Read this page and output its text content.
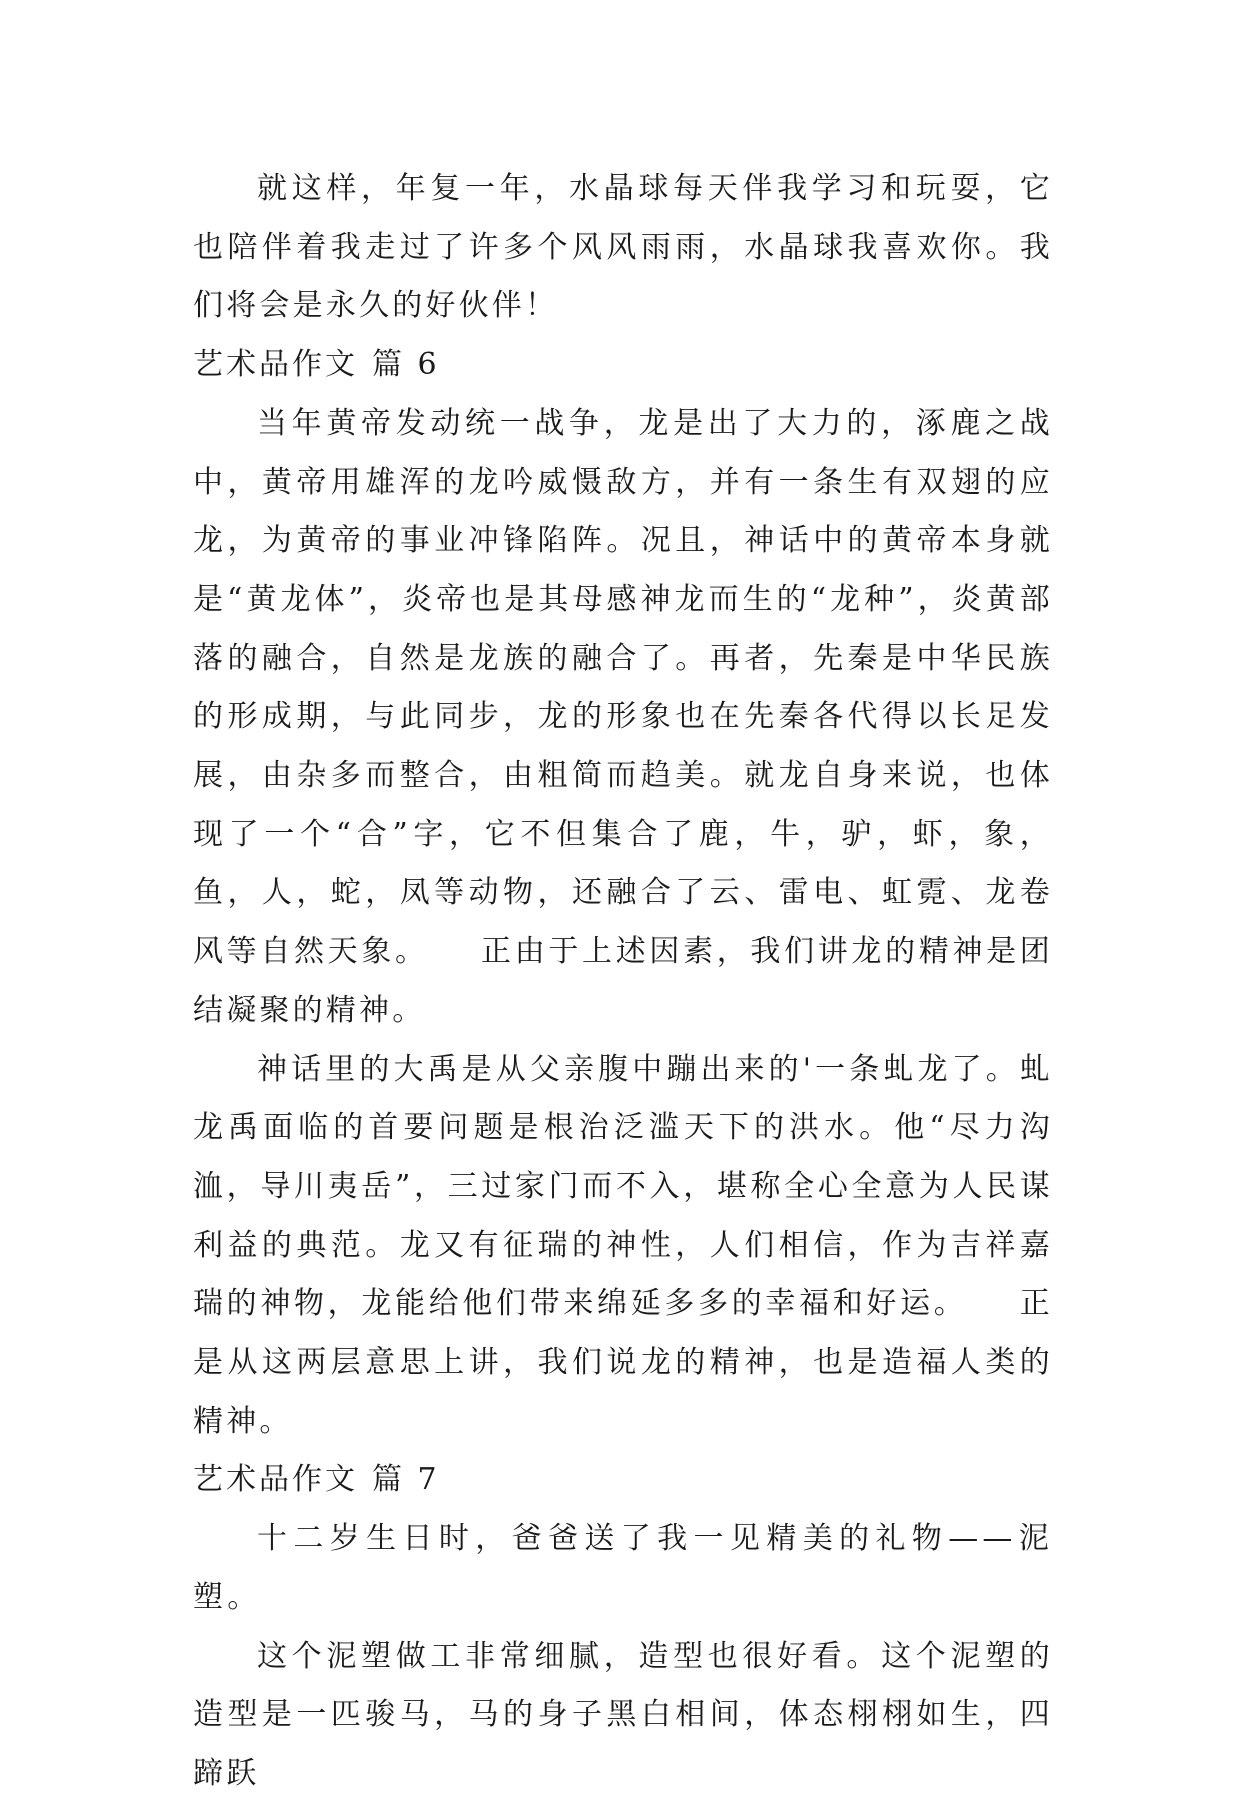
就这样，年复一年，水晶球每天伴我学习和玩耍，它也陪伴着我走过了许多个风风雨雨，水晶球我喜欢你。我们将会是永久的好伙伴！

艺术品作文 篇 6

当年黄帝发动统一战争，龙是出了大力的，涿鹿之战中，黄帝用雄浑的龙吟威慑敌方，并有一条生有双翅的应龙，为黄帝的事业冲锋陷阵。况且，神话中的黄帝本身就是“黄龙体”，炎帝也是其母感神龙而生的“龙种”，炎黄部落的融合，自然是龙族的融合了。再者，先秦是中华民族的形成期，与此同步，龙的形象也在先秦各代得以长足发展，由杂多而整合，由粗简而趋美。就龙自身来说，也体现了一个“合”字，它不但集合了鹿，牛，驴，虾，象，鱼，人，蛇，凤等动物，还融合了云、雷电、虹霓、龙卷风等自然天象。　　正由于上述因素，我们讲龙的精神是团结凝聚的精神。

神话里的大禹是从父亲腹中蹦出来的'一条虬龙了。虬龙禹面临的首要问题是根治泛滥天下的洪水。他“尽力沟洫，导川夷岳”，三过家门而不入，堪称全心全意为人民谋利益的典范。龙又有征瑞的神性，人们相信，作为吉祥嘉瑞的神物，龙能给他们带来绵延多多的幸福和好运。　　正是从这两层意思上讲，我们说龙的精神，也是造福人类的精神。

艺术品作文 篇 7

十二岁生日时，爸爸送了我一见精美的礼物——泥塑。

这个泥塑做工非常细腻，造型也很好看。这个泥塑的造型是一匹骏马，马的身子黑白相间，体态栩栩如生，四蹄跃
